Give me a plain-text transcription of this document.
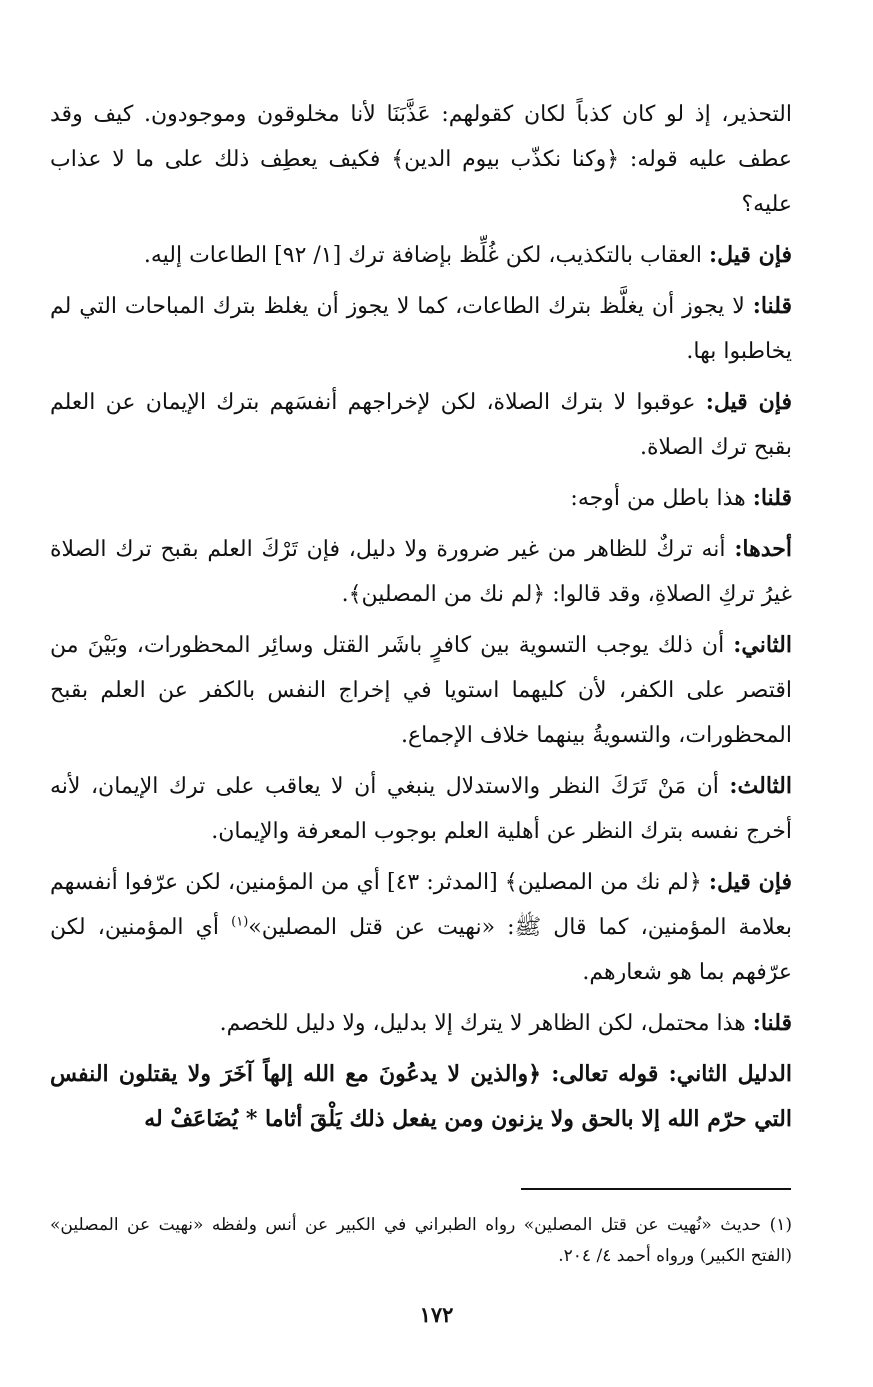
التحذير، إذ لو كان كذباً لكان كقولهم: عَذَّبَنَا لأنا مخلوقون وموجودون. كيف وقد عطف عليه قوله: ﴿وكنا نكذّب بيوم الدين﴾ فكيف يعطِف ذلك على ما لا عذاب عليه؟

فإن قيل: العقاب بالتكذيب، لكن غُلِّظ بإضافة ترك [١/ ٩٢] الطاعات إليه.

قلنا: لا يجوز أن يغلَّظ بترك الطاعات، كما لا يجوز أن يغلظ بترك المباحات التي لم يخاطبوا بها.

فإن قيل: عوقبوا لا بترك الصلاة، لكن لإخراجهم أنفسَهم بترك الإيمان عن العلم بقبح ترك الصلاة.

قلنا: هذا باطل من أوجه:

أحدها: أنه تركٌ للظاهر من غير ضرورة ولا دليل، فإن تَرْكَ العلم بقبح ترك الصلاة غيرُ تركِ الصلاةِ، وقد قالوا: ﴿لم نك من المصلين﴾.

الثاني: أن ذلك يوجب التسوية بين كافرٍ باشَر القتل وسائِر المحظورات، وبَيْنَ من اقتصر على الكفر، لأن كليهما استويا في إخراج النفس بالكفر عن العلم بقبح المحظورات، والتسويةُ بينهما خلاف الإجماع.

الثالث: أن مَنْ تَرَكَ النظر والاستدلال ينبغي أن لا يعاقب على ترك الإيمان، لأنه أخرج نفسه بترك النظر عن أهلية العلم بوجوب المعرفة والإيمان.

فإن قيل: ﴿لم نك من المصلين﴾ [المدثر: ٤٣] أي من المؤمنين، لكن عرّفوا أنفسهم بعلامة المؤمنين، كما قال ﷺ: «نهيت عن قتل المصلين»$^{(١)}$ أي المؤمنين، لكن عرّفهم بما هو شعارهم.

قلنا: هذا محتمل، لكن الظاهر لا يترك إلا بدليل، ولا دليل للخصم.

الدليل الثاني: قوله تعالى: ﴿والذين لا يدعُونَ مع الله إلهاً آخَرَ ولا يقتلون النفس التي حرّم الله إلا بالحق ولا يزنون ومن يفعل ذلك يَلْقَ أثاما * يُضَاعَفْ له

(١) حديث «نُهيت عن قتل المصلين» رواه الطبراني في الكبير عن أنس ولفظه «نهيت عن المصلين» (الفتح الكبير) ورواه أحمد ٤/ ٢٠٤.
١٧٢
